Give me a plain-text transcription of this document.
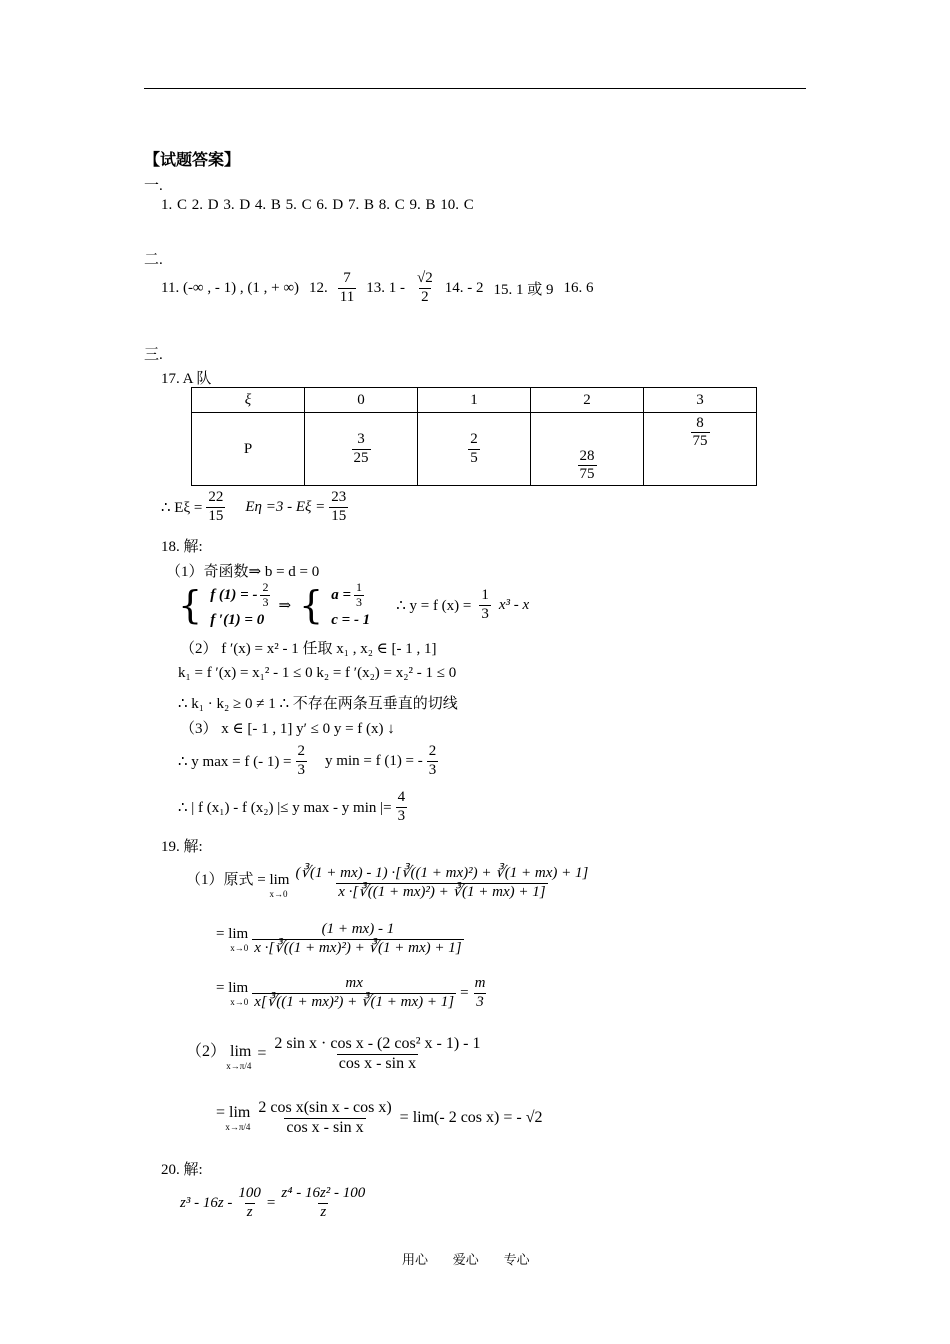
【试题答案】
一.
1. C 2. D 3. D 4. B 5. C 6. D 7. B 8. C 9. B 10. C
二.
11. (-∞ , - 1) , (1 , + ∞) 12. $\frac{7}{11} 13$. $1 - \frac{√2}{2} 14$. - 2 15. 1 或 9 16. 6
三.
17. A 队
ξ	0	1	2	3
P	$\frac{3}{25}$	$\frac{2}{5}$	$\frac{28}{75}$	$\frac{8}{75}$
∴ $E\xi = \frac{22}{15}$ $E\eta =3 - E\xi = \frac{23}{15}$
18. 解:
（1）奇函数⇒ b = d = 0
{ f (1) = - $\frac{2}{3}$
f ′(1) = 0
⇒ { $a = \frac{1}{3}$
c = - 1
∴ y = f $(x) = \frac{1}{3} x^3 - x$
（2） f ′(x) = x² - 1 任取 x₁ , x₂ ∈ [- 1 , 1]
k₁ = f ′(x) = x₁² - 1 ≤ 0 k₂ = f ′(x₂) = x₂² - 1 ≤ 0
∴ k₁ · k₂ ≥ 0 ≠ 1 ∴ 不存在两条互垂直的切线
（3） x ∈ [- 1 , 1] y′ ≤ 0 y = f (x) ↓
∴ y max = f (- $1) = \frac{2}{3}$ y min = f (1) = - $\frac{2}{3}$
∴ | f (x₁) - f (x₂) |≤ y max - y min |= $\frac{4}{3}$
19. 解:
（1）原式 = lim
$x\to 0 \frac{\text{(∛(1 + mx) - 1) ·[∛((1 + mx)²) + ∛(1 + mx) + 1]}}{\text{x ·[∛((1 + mx)²) + ∛(1 + mx) + 1]}}$
= lim
$x\to 0 \frac{(1 + mx) - 1}{\text{x ·[∛((1 + mx)²) + ∛(1 + mx) + 1]}}$
= lim
$x\to 0 \frac{mx}{\text{x[∛((1 + mx)²) + ∛(1 + mx) + 1]}} = \frac{m}{3}$
（2） lim
x→π/4
= $\frac{\text{2 sin x · cos x - (2 cos² x - 1) - 1}}{\text{cos x - sin x}}$
= lim
$x\to\pi/4 \frac{\text{2 cos x(sin x - cos x)}}{\text{cos x - sin x}} = \lim(-$ 2 cos x) = - √2
20. 解:
$z^3 - 16z - \frac{100}{z} = \frac{\text{z⁴ - 16z² - 100}}{z}$
用心      爱心      专心
